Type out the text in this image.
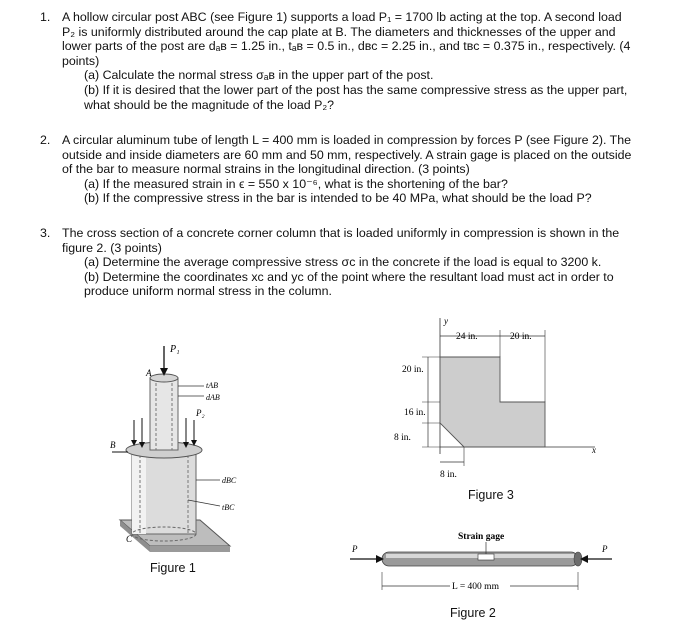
1. A hollow circular post ABC (see Figure 1) supports a load P₁ = 1700 lb acting at the top. A second load

P₂ is uniformly distributed around the cap plate at B. The diameters and thicknesses of the upper and

lower parts of the post are dₐʙ = 1.25 in., tₐʙ = 0.5 in., dʙc = 2.25 in., and tʙc = 0.375 in., respectively. (4

points)

(a) Calculate the normal stress σₐʙ in the upper part of the post.

(b) If it is desired that the lower part of the post has the same compressive stress as the upper part,

what should be the magnitude of the load P₂?

2. A circular aluminum tube of length L = 400 mm is loaded in compression by forces P (see Figure 2). The

outside and inside diameters are 60 mm and 50 mm, respectively. A strain gage is placed on the outside

of the bar to measure normal strains in the longitudinal direction. (3 points)

(a) If the measured strain in ϵ = 550 x 10⁻⁶, what is the shortening of the bar?

(b) If the compressive stress in the bar is intended to be 40 MPa, what should be the load P?

3. The cross section of a concrete corner column that is loaded uniformly in compression is shown in the

figure 2. (3 points)

(a) Determine the average compressive stress σc in the concrete if the load is equal to 3200 k.

(b) Determine the coordinates xc and yc of the point where the resultant load must act in order to

produce uniform normal stress in the column.

P₁
A
tAB
dAB
P₂
B
dBC
tBC
C
Figure 1
y
x
24 in.	20 in.
20 in.
16 in.
8 in.
8 in.
Figure 3
Strain gage
P	P
L = 400 mm
Figure 2
